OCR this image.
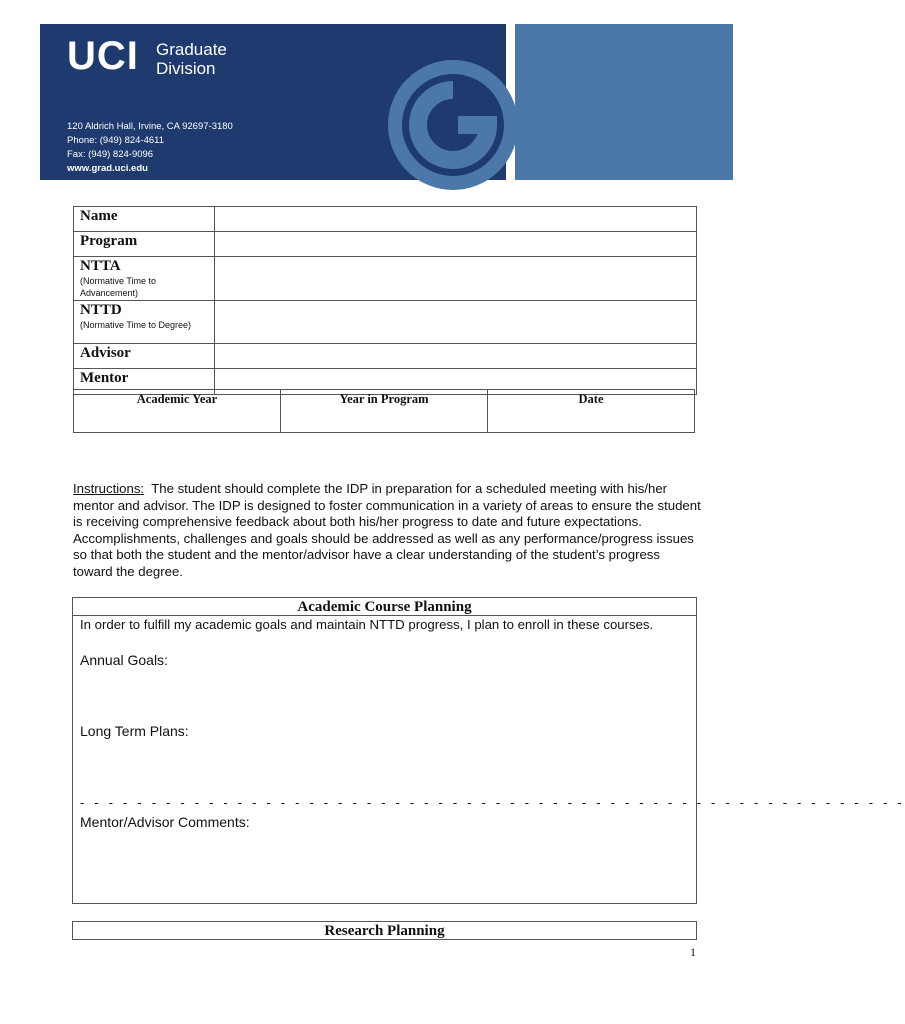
UCI Graduate
Division
120 Aldrich Hall, Irvine, CA 92697-3180
Phone: (949) 824-4611
Fax: (949) 824-9096
www.grad.uci.edu
Name
Program
NTTA
(Normative Time to Advancement)
NTTD
(Normative Time to Degree)
Advisor
Mentor
Academic Year	Year in Program	Date
Instructions: The student should complete the IDP in preparation for a scheduled meeting with his/her mentor and advisor. The IDP is designed to foster communication in a variety of areas to ensure the student is receiving comprehensive feedback about both his/her progress to date and future expectations. Accomplishments, challenges and goals should be addressed as well as any performance/progress issues so that both the student and the mentor/advisor have a clear understanding of the student’s progress toward the degree.
Academic Course Planning
In order to fulfill my academic goals and maintain NTTD progress, I plan to enroll in these courses.
Annual Goals:
Long Term Plans:
- - - - - - - - - - - - - - - - - - - - - - - - - - - - - - - - - - - - - - - - - - - - - - - - - - - - - - - - - -
Mentor/Advisor Comments:
Research Planning
1
